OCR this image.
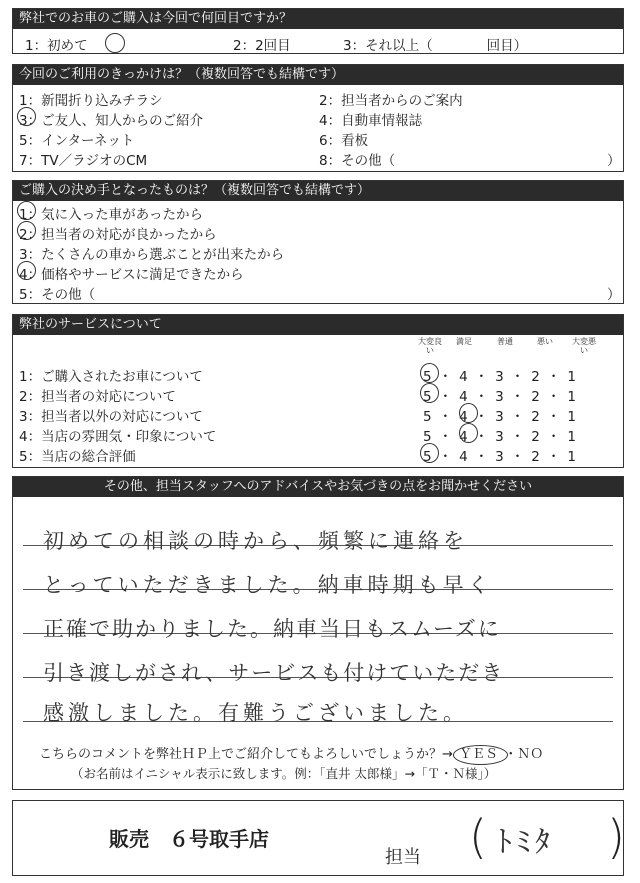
弊社でのお車のご購入は今回で何回目ですか？
1：初めて	2：2回目	3：それ以上（　　　　回目）
今回のご利用のきっかけは？（複数回答でも結構です）
1：新聞折り込みチラシ	2：担当者からのご案内
3：ご友人、知人からのご紹介	4：自動車情報誌
5：インターネット	6：看板
7：TV／ラジオのCM	8：その他（	）
ご購入の決め手となったものは？（複数回答でも結構です）
1：気に入った車があったから
2：担当者の対応が良かったから
3：たくさんの車から選ぶことが出来たから
4：価格やサービスに満足できたから
5：その他（	）
弊社のサービスについて
大変良い
満足	普通	悪い 大変悪い
1：ご購入されたお車について	5・4・3・2・1
2：担当者の対応について	5・4・3・2・1
3：担当者以外の対応について	5・4・3・2・1
4：当店の雰囲気・印象について	5・4・3・2・1
5：当店の総合評価	5・4・3・2・1
その他、担当スタッフへのアドバイスやお気づきの点をお聞かせください
初めての相談の時から、頻繁に連絡を
とっていただきました。納車時期も早く
正確で助かりました。納車当日もスムーズに
引き渡しがされ、サービスも付けていただき
感激しました。有難うございました。
こちらのコメントを弊社ＨＰ上でご紹介してもよろしいでしょうか？→ ＹＥＳ ・ＮＯ
（お名前はイニシャル表示に致します。例：「直井 太郎様」→「Ｔ・Ｎ様」）
販売　６号取手店
担当 ( ﾄﾐﾀ )
